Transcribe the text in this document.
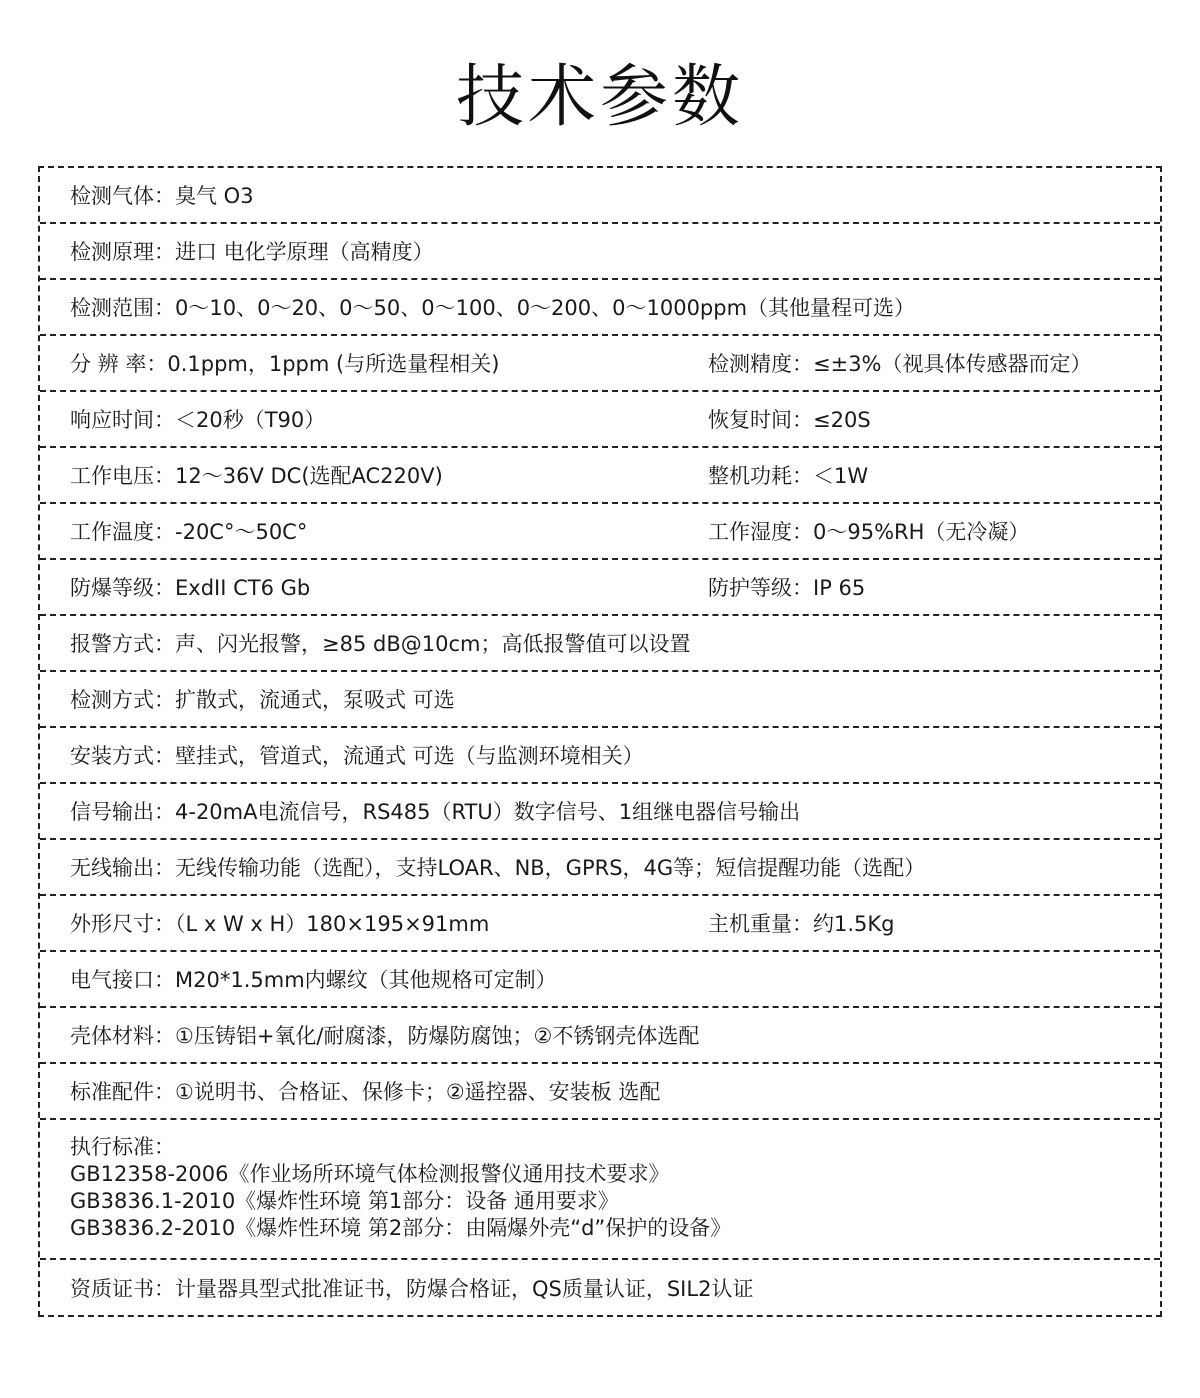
技术参数
检测气体：臭气 O3
检测原理：进口 电化学原理（高精度）
检测范围：0～10、0～20、0～50、0～100、0～200、0～1000ppm（其他量程可选）
分 辨 率：0.1ppm，1ppm (与所选量程相关)	检测精度：≤±3%（视具体传感器而定）
响应时间：＜20秒（T90）	恢复时间：≤20S
工作电压：12～36V DC(选配AC220V)	整机功耗：＜1W
工作温度：-20C°～50C°	工作湿度：0～95%RH（无冷凝）
防爆等级：ExdII CT6 Gb	防护等级：IP 65
报警方式：声、闪光报警，≥85 dB@10cm；高低报警值可以设置
检测方式：扩散式，流通式，泵吸式 可选
安装方式：壁挂式，管道式，流通式 可选（与监测环境相关）
信号输出：4-20mA电流信号，RS485（RTU）数字信号、1组继电器信号输出
无线输出：无线传输功能（选配），支持LOAR、NB，GPRS，4G等；短信提醒功能（选配）
外形尺寸：（L x W x H）180×195×91mm	主机重量：约1.5Kg
电气接口：M20*1.5mm内螺纹（其他规格可定制）
壳体材料：①压铸铝+氧化/耐腐漆，防爆防腐蚀；②不锈钢壳体选配
标准配件：①说明书、合格证、保修卡；②遥控器、安装板 选配
执行标准：
GB12358-2006《作业场所环境气体检测报警仪通用技术要求》
GB3836.1-2010《爆炸性环境 第1部分：设备 通用要求》
GB3836.2-2010《爆炸性环境 第2部分：由隔爆外壳“d”保护的设备》
资质证书：计量器具型式批准证书，防爆合格证，QS质量认证，SIL2认证
